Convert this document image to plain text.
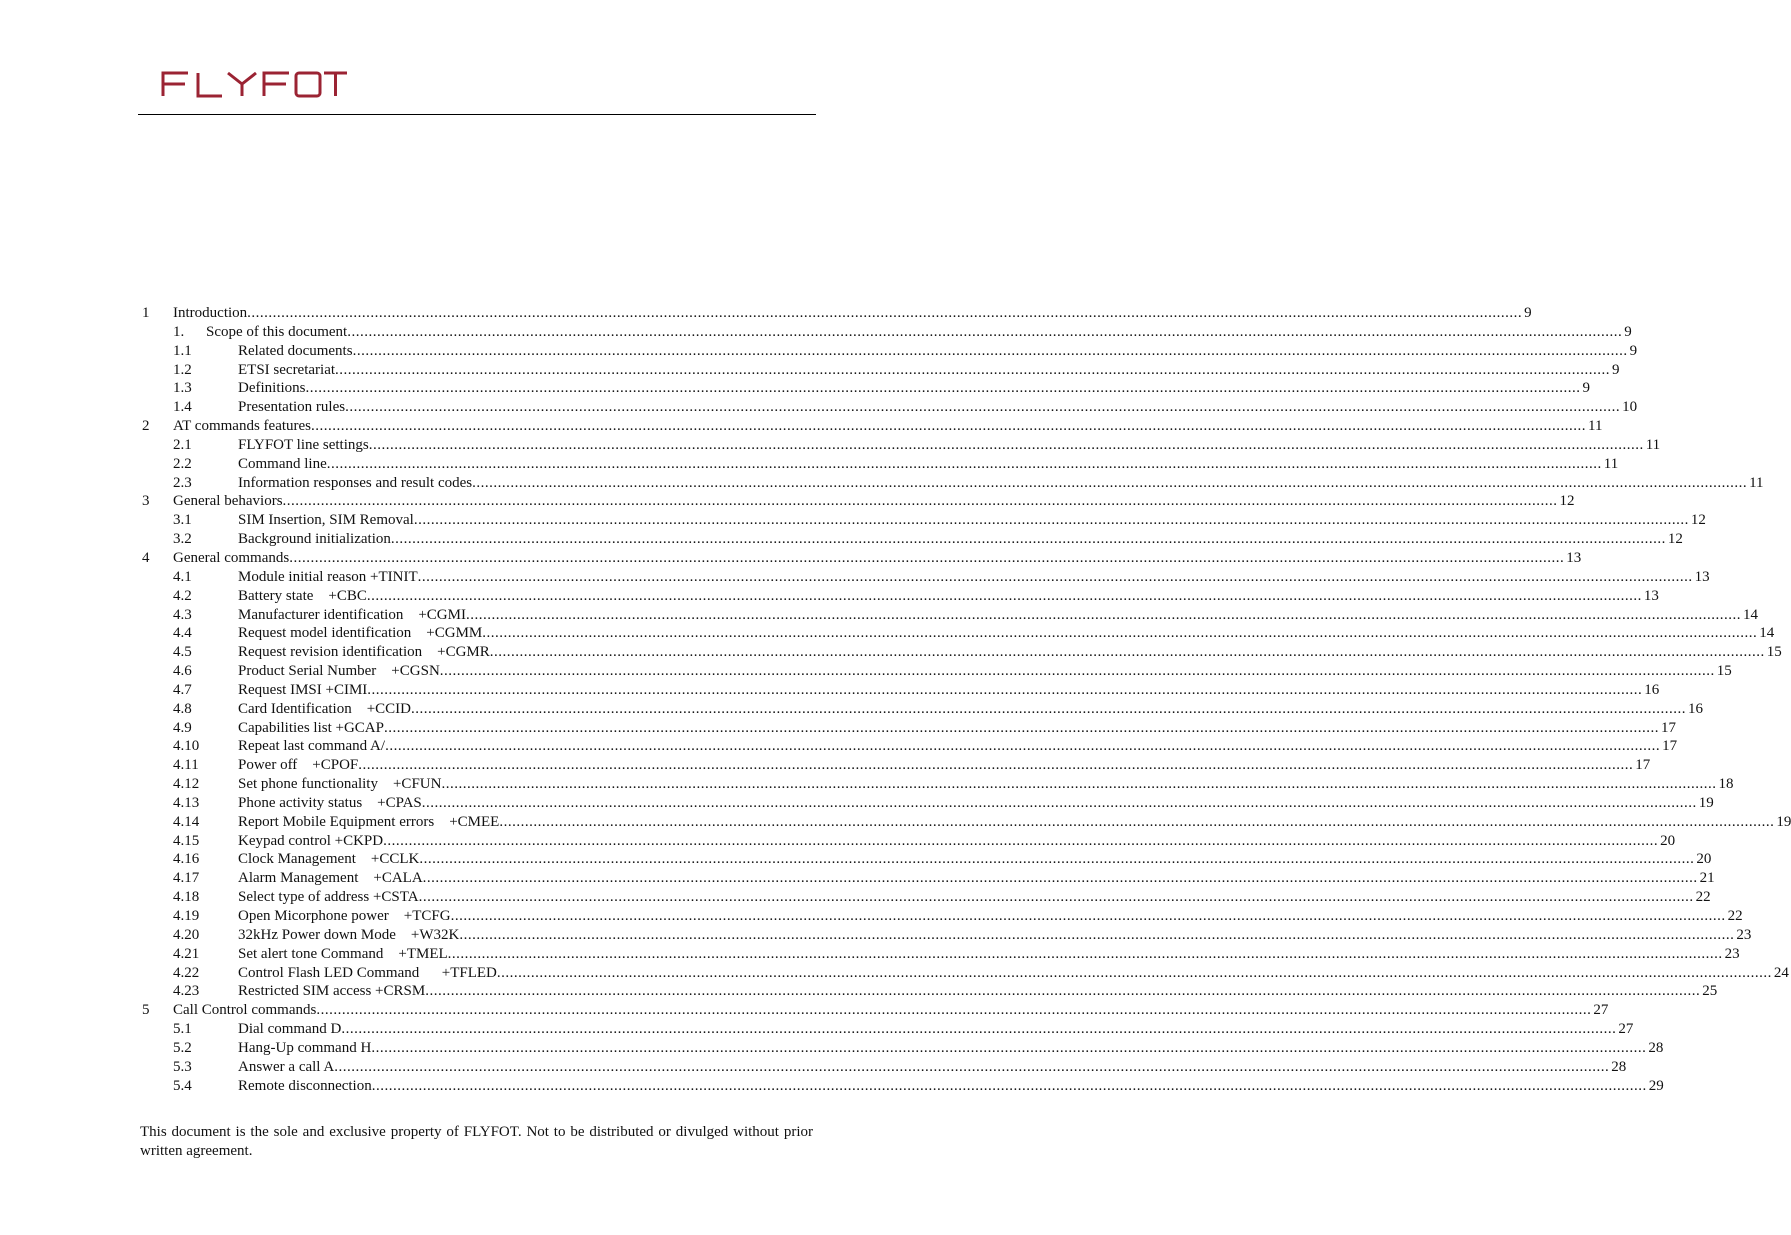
1 Introduction ............................................................................................................................................................................................................................................................................................................ 9
1. Scope of this document ............................................................................................................................................................................................................................................................................................................ 9
1.1	Related documents ............................................................................................................................................................................................................................................................................................................ 9
1.2	ETSI secretariat ............................................................................................................................................................................................................................................................................................................ 9
1.3	Definitions ............................................................................................................................................................................................................................................................................................................ 9
1.4	Presentation rules ............................................................................................................................................................................................................................................................................................................ 10
2 AT commands features ............................................................................................................................................................................................................................................................................................................ 11
2.1	FLYFOT line settings ............................................................................................................................................................................................................................................................................................................ 11
2.2	Command line ............................................................................................................................................................................................................................................................................................................ 11
2.3	Information responses and result codes ............................................................................................................................................................................................................................................................................................................ 11
3 General behaviors ............................................................................................................................................................................................................................................................................................................ 12
3.1	SIM Insertion, SIM Removal ............................................................................................................................................................................................................................................................................................................ 12
3.2	Background initialization ............................................................................................................................................................................................................................................................................................................ 12
4 General commands ............................................................................................................................................................................................................................................................................................................ 13
4.1	Module initial reason +TINIT ............................................................................................................................................................................................................................................................................................................ 13
4.2	Battery state    +CBC ............................................................................................................................................................................................................................................................................................................ 13
4.3	Manufacturer identification    +CGMI ............................................................................................................................................................................................................................................................................................................ 14
4.4	Request model identification    +CGMM ............................................................................................................................................................................................................................................................................................................ 14
4.5	Request revision identification    +CGMR ............................................................................................................................................................................................................................................................................................................ 15
4.6	Product Serial Number    +CGSN ............................................................................................................................................................................................................................................................................................................ 15
4.7	Request IMSI +CIMI ............................................................................................................................................................................................................................................................................................................ 16
4.8	Card Identification    +CCID ............................................................................................................................................................................................................................................................................................................ 16
4.9	Capabilities list +GCAP ............................................................................................................................................................................................................................................................................................................ 17
4.10	Repeat last command A/ ............................................................................................................................................................................................................................................................................................................ 17
4.11	Power off    +CPOF ............................................................................................................................................................................................................................................................................................................ 17
4.12	Set phone functionality    +CFUN ............................................................................................................................................................................................................................................................................................................ 18
4.13	Phone activity status    +CPAS ............................................................................................................................................................................................................................................................................................................ 19
4.14	Report Mobile Equipment errors    +CMEE ............................................................................................................................................................................................................................................................................................................ 19
4.15	Keypad control +CKPD ............................................................................................................................................................................................................................................................................................................ 20
4.16	Clock Management    +CCLK ............................................................................................................................................................................................................................................................................................................ 20
4.17	Alarm Management    +CALA ............................................................................................................................................................................................................................................................................................................ 21
4.18	Select type of address +CSTA ............................................................................................................................................................................................................................................................................................................ 22
4.19	Open Micorphone power    +TCFG ............................................................................................................................................................................................................................................................................................................ 22
4.20	32kHz Power down Mode    +W32K ............................................................................................................................................................................................................................................................................................................ 23
4.21	Set alert tone Command    +TMEL ............................................................................................................................................................................................................................................................................................................ 23
4.22	Control Flash LED Command      +TFLED ............................................................................................................................................................................................................................................................................................................ 24
4.23	Restricted SIM access +CRSM ............................................................................................................................................................................................................................................................................................................ 25
5 Call Control commands ............................................................................................................................................................................................................................................................................................................ 27
5.1	Dial command D ............................................................................................................................................................................................................................................................................................................ 27
5.2	Hang-Up command H ............................................................................................................................................................................................................................................................................................................ 28
5.3	Answer a call A ............................................................................................................................................................................................................................................................................................................ 28
5.4	Remote disconnection ............................................................................................................................................................................................................................................................................................................ 29
This document is the sole and exclusive property of FLYFOT. Not to be distributed or divulged without prior written agreement.
